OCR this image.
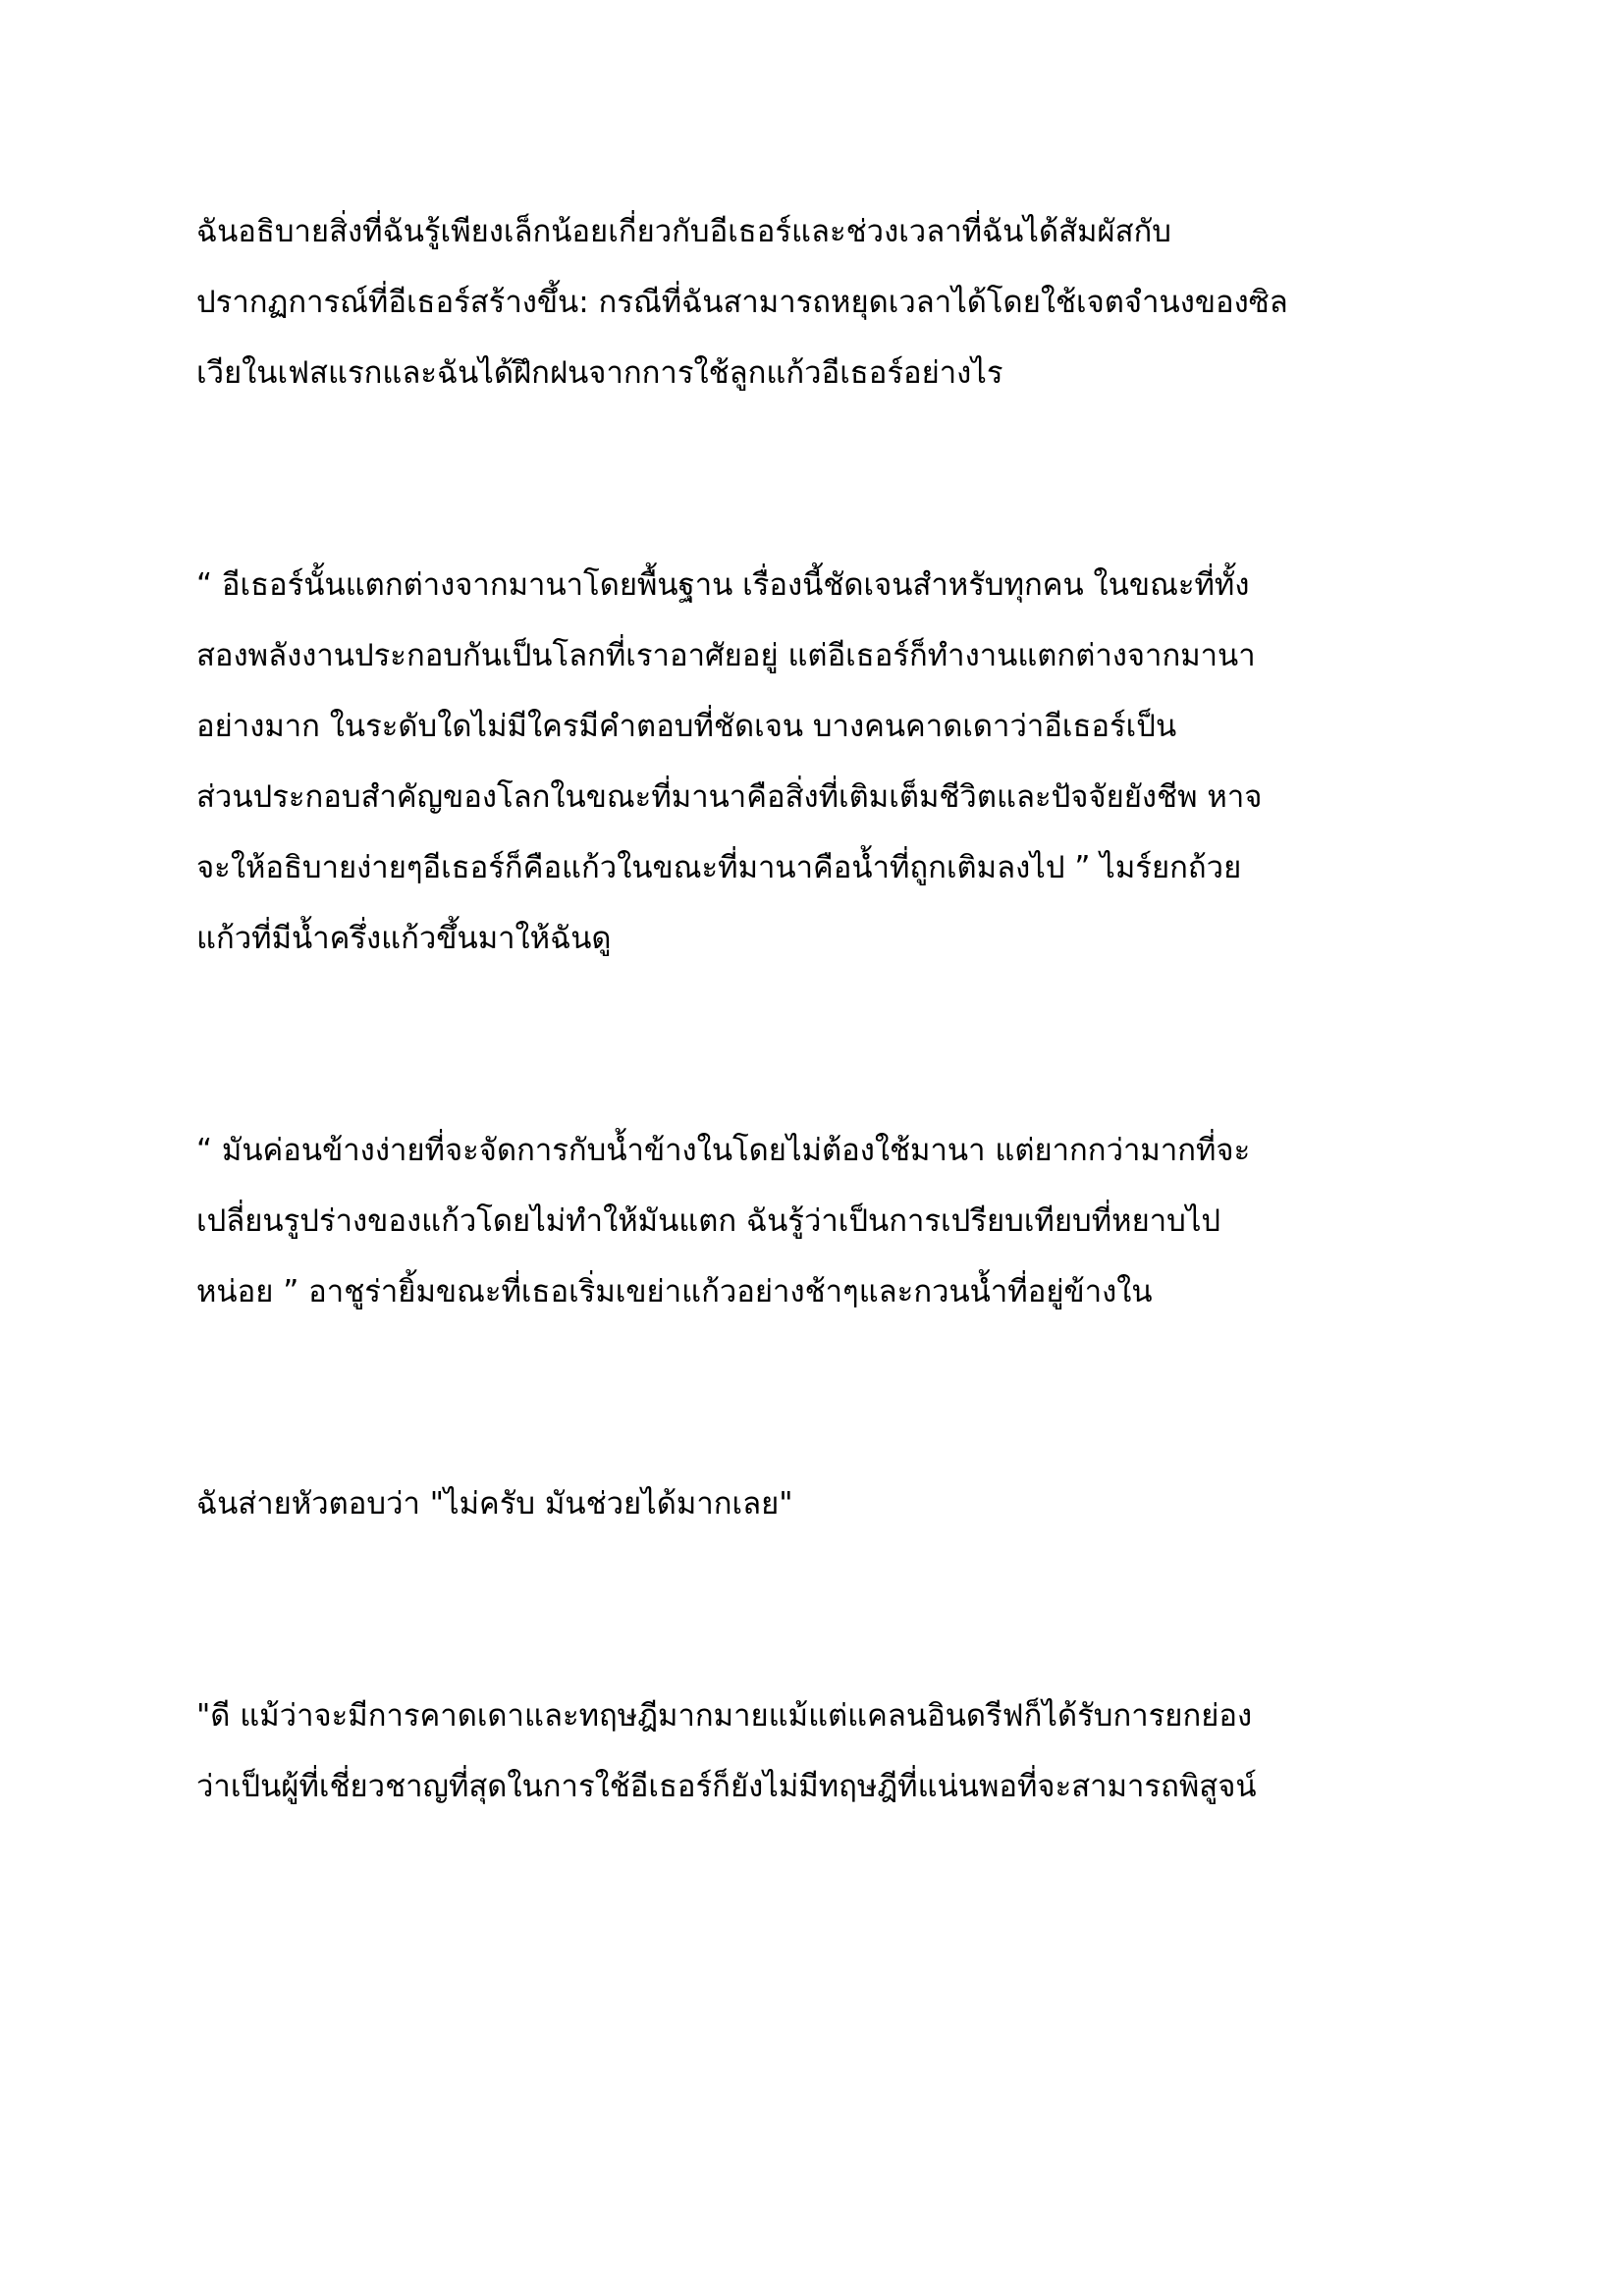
ฉันอธิบายสิ่งที่ฉันรู้เพียงเล็กน้อยเกี่ยวกับอีเธอร์และช่วงเวลาที่ฉันได้สัมผัสกับ
ปรากฏการณ์ที่อีเธอร์สร้างขึ้น: กรณีที่ฉันสามารถหยุดเวลาได้โดยใช้เจตจำนงของซิล
เวียในเฟสแรกและฉันได้ฝึกฝนจากการใช้ลูกแก้วอีเธอร์อย่างไร

“ อีเธอร์นั้นแตกต่างจากมานาโดยพื้นฐาน เรื่องนี้ชัดเจนสำหรับทุกคน ในขณะที่ทั้ง
สองพลังงานประกอบกันเป็นโลกที่เราอาศัยอยู่ แต่อีเธอร์ก็ทำงานแตกต่างจากมานา
อย่างมาก ในระดับใดไม่มีใครมีคำตอบที่ชัดเจน บางคนคาดเดาว่าอีเธอร์เป็น
ส่วนประกอบสำคัญของโลกในขณะที่มานาคือสิ่งที่เติมเต็มชีวิตและปัจจัยยังชีพ หาจ
จะให้อธิบายง่ายๆอีเธอร์ก็คือแก้วในขณะที่มานาคือน้ำที่ถูกเติมลงไป ” ไมร์ยกถ้วย
แก้วที่มีน้ำครึ่งแก้วขึ้นมาให้ฉันดู

“ มันค่อนข้างง่ายที่จะจัดการกับน้ำข้างในโดยไม่ต้องใช้มานา แต่ยากกว่ามากที่จะ
เปลี่ยนรูปร่างของแก้วโดยไม่ทำให้มันแตก ฉันรู้ว่าเป็นการเปรียบเทียบที่หยาบไป
หน่อย ” อาชูร่ายิ้มขณะที่เธอเริ่มเขย่าแก้วอย่างช้าๆและกวนน้ำที่อยู่ข้างใน

ฉันส่ายหัวตอบว่า "ไม่ครับ มันช่วยได้มากเลย"

"ดี แม้ว่าจะมีการคาดเดาและทฤษฎีมากมายแม้แต่แคลนอินดรีฟก็ได้รับการยกย่อง
ว่าเป็นผู้ที่เชี่ยวชาญที่สุดในการใช้อีเธอร์ก็ยังไม่มีทฤษฎีที่แน่นพอที่จะสามารถพิสูจน์
